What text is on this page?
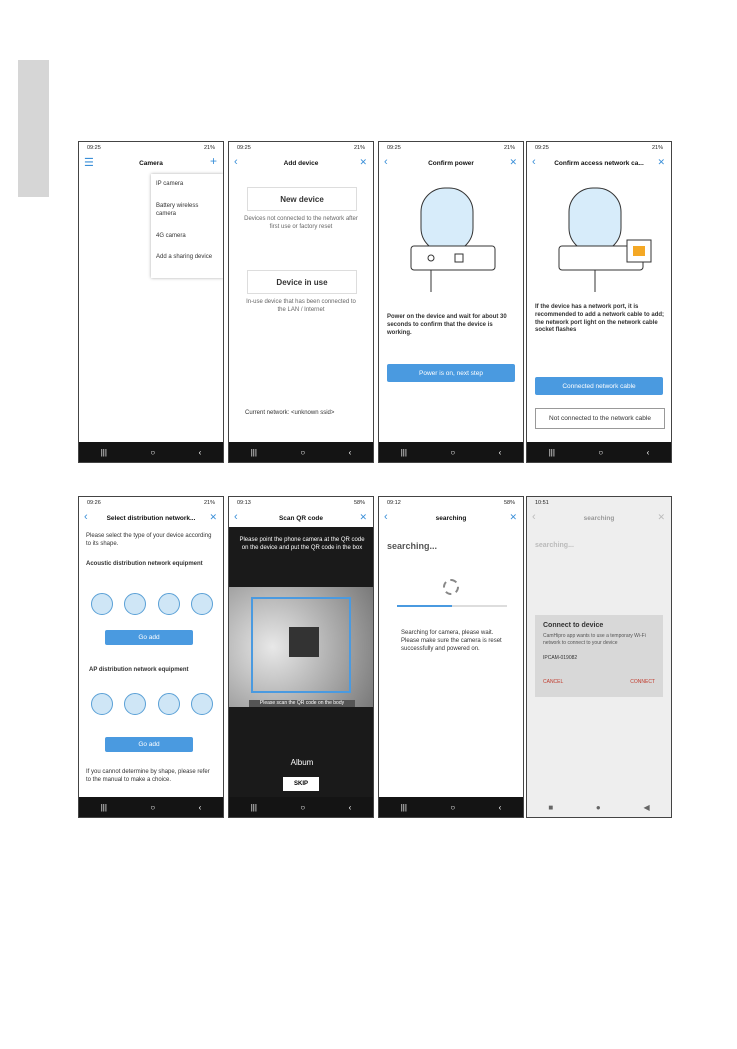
09:25	21%
☰	Camera	+
IP camera
Battery wireless camera
4G camera
Add a sharing device
|||	○	‹
09:25	21%
‹	Add device	✕
New device
Devices not connected to the network after first use or factory reset
Device in use
In-use device that has been connected to the LAN / Internet
Current network: <unknown ssid>
|||	○	‹
09:25	21%
‹	Confirm power	✕
Power on the device and wait for about 30 seconds to confirm that the device is working.
Power is on, next step
|||	○	‹
09:25	21%
‹	Confirm access network ca... ✕
If the device has a network port, it is recommended to add a network cable to add; the network port light on the network cable socket flashes
Connected network cable
Not connected to the network cable
|||	○	‹
09:26	21%
‹	Select distribution network... ✕
Please select the type of your device according to its shape.
Acoustic distribution network equipment
Go add
AP distribution network equipment
Go add
If you cannot determine by shape, please refer to the manual to make a choice.
|||	○	‹
09:13	58%
‹	Scan QR code	✕
Please point the phone camera at the QR code on the device and put the QR code in the box
Please scan the QR code on the body
Album
SKIP
|||	○	‹
09:12	58%
‹	searching	✕
searching...
Searching for camera, please wait. Please make sure the camera is reset successfully and powered on.
|||	○	‹
10:51
‹	searching	✕
searching...
Connect to device
CamHipro app wants to use a temporary Wi-Fi network to connect to your device
IPCAM-019082
CANCEL	CONNECT
■	●	◀
